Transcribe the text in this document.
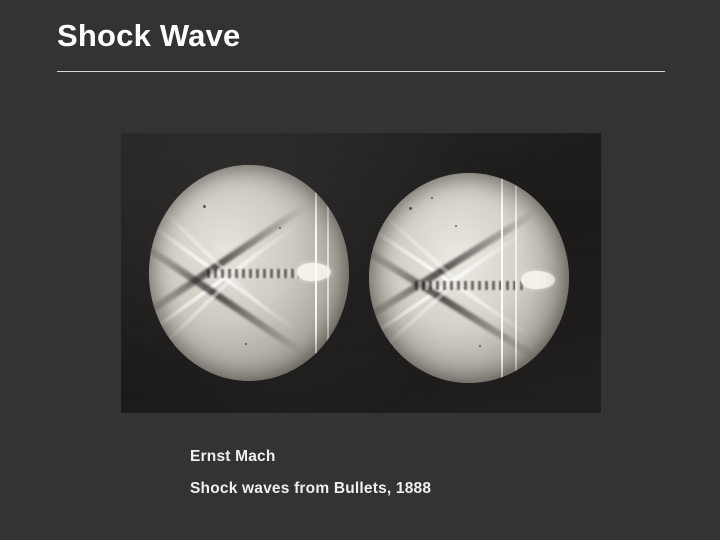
Shock Wave
Ernst Mach
Shock waves from Bullets, 1888
